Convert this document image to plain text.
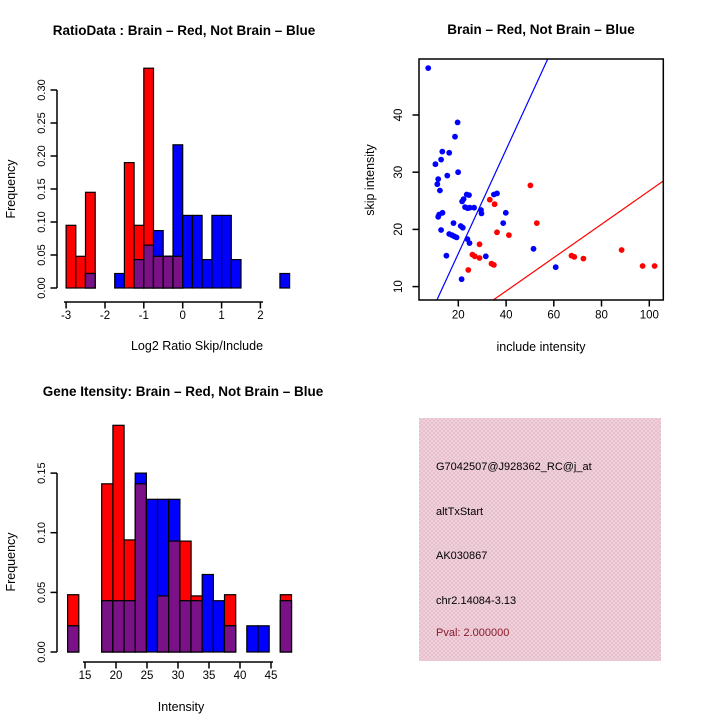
0.00
0.05
0.10
0.15
0.20
0.25
0.30
-3 -2 -1	0	1	2
RatioData : Brain – Red, Not Brain – Blue
Log2 Ratio Skip/Include
Frequency
20	40	60	80	100
10
20
30
40
Brain – Red, Not Brain – Blue
include intensity
skip intensity
0.00
0.05
0.10
0.15
15 20 25 30 35 40 45
Gene Itensity: Brain – Red, Not Brain – Blue
Intensity
Frequency
G7042507@J928362_RC@j_at
altTxStart
AK030867
chr2.14084-3.13
Pval: 2.000000
